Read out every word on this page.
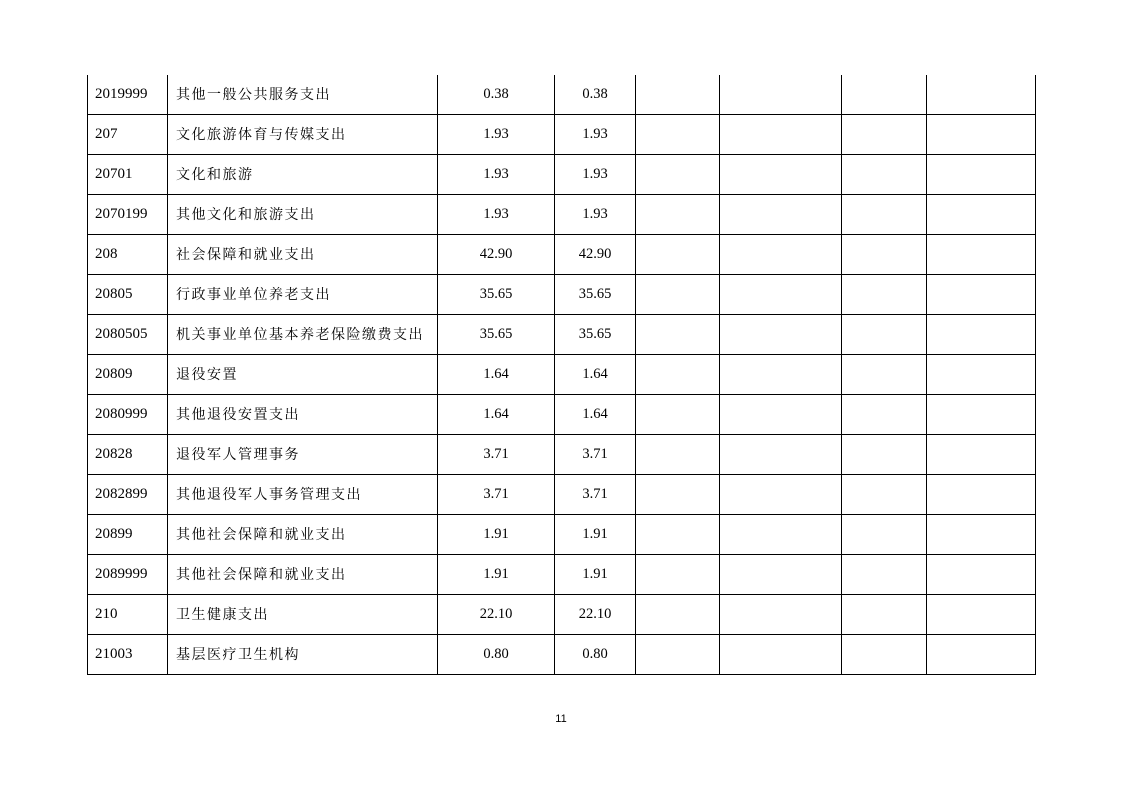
2019999	其他一般公共服务支出	0.38	0.38				
207	文化旅游体育与传媒支出	1.93	1.93				
20701	文化和旅游	1.93	1.93				
2070199	其他文化和旅游支出	1.93	1.93				
208	社会保障和就业支出	42.90	42.90				
20805	行政事业单位养老支出	35.65	35.65				
2080505	机关事业单位基本养老保险缴费支出	35.65	35.65				
20809	退役安置	1.64	1.64				
2080999	其他退役安置支出	1.64	1.64				
20828	退役军人管理事务	3.71	3.71				
2082899	其他退役军人事务管理支出	3.71	3.71				
20899	其他社会保障和就业支出	1.91	1.91				
2089999	其他社会保障和就业支出	1.91	1.91				
210	卫生健康支出	22.10	22.10				
21003	基层医疗卫生机构	0.80	0.80				
11
